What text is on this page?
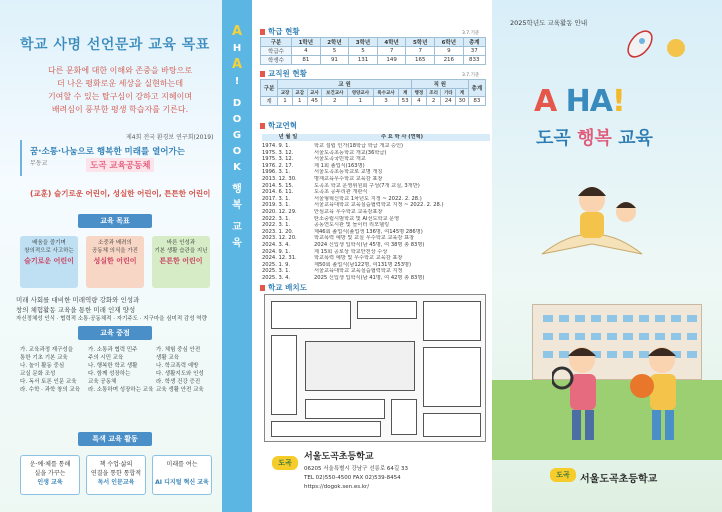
학교 사명 선언문과 교육 목표
다른 문화에 대한 이해와 존중을 바탕으로
더 나은 평화로운 세상을 실현하는데
기여할 수 있는 탈구심이 강하고 지혜이며
배려심이 풍부한 평생 학습자를 기른다.
제4회 전국 환경보 연구회(2019)
꿈·소통·나눔으로 행복한 미래를 열어가는
무동교	도곡 교육공동체
(교훈) 슬기로운 어린이, 성실한 어린이, 튼튼한 어린이
교육 목표
배움을 즐기며
창의적으로 사고하는
슬기로운 어린이
소중과 배려의
공동체 의식을 가진
성실한 어린이
바른 인성과
기본 생활 습관을 지닌
튼튼한 어린이
미래 사회를 대비한 미래역량 강화와 인성과
창의 체험활동 교육을 통한 미래 인재 양성
자신정체성 인식 · 협력적 소통·공동체적 · 자기주도 · 지구마을 심미적 감성 역량
교육 중점
가. 교육과정 재구성을
통한 기초 기본 교육
나. 놀이 활동 중심
교실 문화 조성
다. 독서 토론 인문 교육
라. 수학 · 과학 창의 교육
가. 소통과 협력 민주
주의 시민 교육
나. 행복한 학교 생활
다. 함께 성장하는
교육 공동체
라. 소통하며 성장하는 교육
가. 체험 중심 안전
생활 교육
나. 학교폭력 예방
다. 생활지도와 인성
라. 학생 건강 증진
교육 생활 안전 교육
특색 교육 활동
운·예·체를 통해
실을 가꾸는
인생 교육
책 수업·삶의
연결을 통한 통합적
독서 인문교육
미래를 여는

AI 디지털 혁신 교육
A
H
A
!
D
O
G
O
K
행
복
교
육
학급 현황	3.7.기준
구분	1학년	2학년	3학년	4학년	5학년	6학년	총계
학급수	4	5	5	7	7	9	37
학생수	81	91	131	149	165	216	833
교직원 현황	3.7.기준
구분	교 원							직 원				총계
	교장	교감	교사	보건교사	영양교사	특수교사	계	행정	조리	기타	계	
계	1	1	45	2	1	3	53	4	2	24	30	83
학교연혁
년 월 일	주 요 학 사 (연혁)
1974. 9. 1.	학교 설립 인가(18학급 학급 개교 승인)
1975. 3. 12.	서울도곡초등학교 개교(36학급)
1975. 3. 12.	서울도곡국민학교 개교
1976. 2. 17.	제 1회 졸업식(163명)
1996. 3. 1.	서울도곡초등학교로 교명 개칭
2013. 12. 30.	명재교육우수학교 교육감 표창
2014. 5. 15.	도곡초 학교 운영위원회 구성(7개 교실, 3개반)
2014. 6. 11.	도곡초 공두리관 개관식
2017. 3. 1.	서울형혁신학교 1차년도 지정 ~ 2022. 2. 28.)
2019. 3. 1.	서울교육대학교 교육실습협력학교 지정 ~ 2022. 2. 28.)
2020. 12. 29.	안심교육 우수학교 교육감표창
2022. 3. 1.	탄소중립시범학교 및 AI선도학교 운영
2022. 3. 1.	공동연도시관 및 놀이터 리모델링
2023. 1. 20.	제46회 졸업식(졸업생 136명, 여145명 286명)
2023. 12. 20.	학교폭력 예방 및 교실 우수학교 교육감 표창
2024. 3. 4.	2024 신입생 입학식(남 45명, 여 38명 총 83명)
2024. 9. 1.	제 15회 공로상 학교안전상 수상
2024. 12. 31.	학교폭력 예방 및 우수학교 교육감 표창
2025. 1. 9.	제50회 졸업식(남122명, 여131명 253명)
2025. 3. 1.	서울교육대학교 교육실습협력학교 지정
2025. 3. 4.	2025 신입생 입학식(남 41명, 여 42명 총 83명)
학교 배치도
도곡
서울도곡초등학교
06205 서울특별시 강남구 선릉로 64길 33
TEL 02)550-4500 FAX 02)539-8454
https://dogok.sen.es.kr/
2025학년도 교육활동 안내
A HA!
도곡 행복 교육
도곡	서울도곡초등학교
